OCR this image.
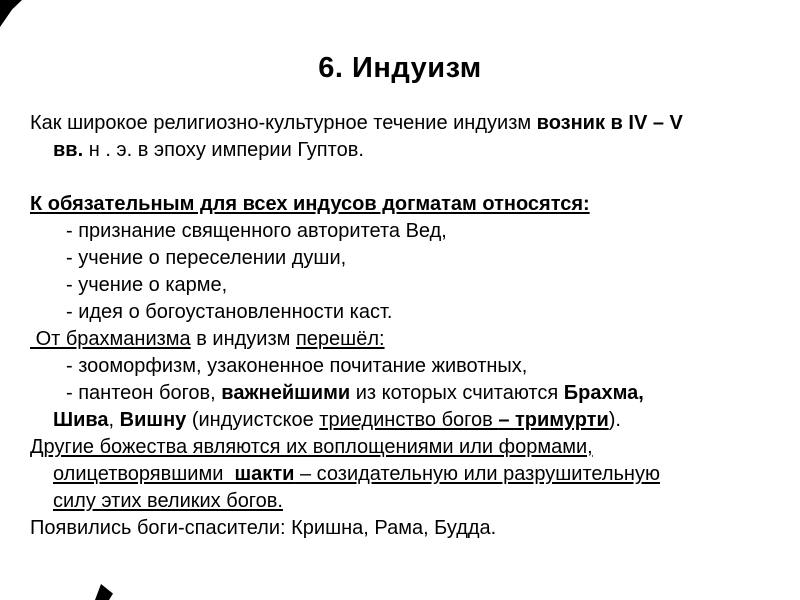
6. Индуизм

Как широкое религиозно-культурное течение индуизм возник в IV – V
вв. н . э. в эпоху империи Гуптов.

К обязательным для всех индусов догматам относятся:

- признание священного авторитета Вед,

- учение о переселении души,

- учение о карме,

- идея о богоустановленности каст.

От брахманизма в индуизм перешёл:

- зооморфизм, узаконенное почитание животных,

- пантеон богов, важнейшими из которых считаются Брахма,
Шива, Вишну (индуистское триединство богов – тримурти).

Другие божества являются их воплощениями или формами,
олицетворявшими  шакти – созидательную или разрушительную
силу этих великих богов.

Появились боги-спасители: Кришна, Рама, Будда.
